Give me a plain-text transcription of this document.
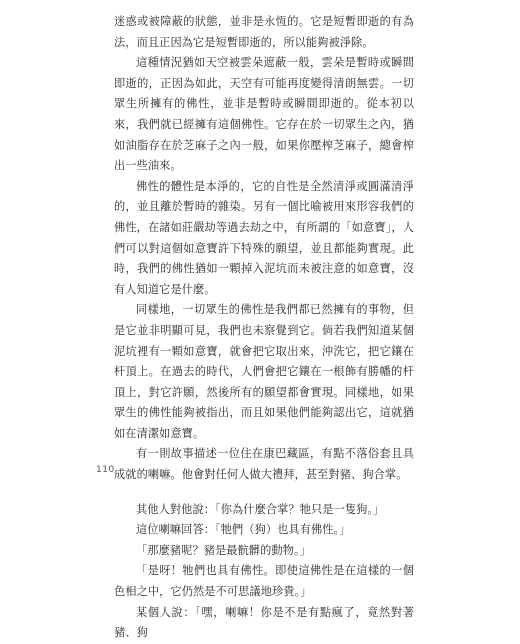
迷惑或被障蔽的狀態，並非是永恆的。它是短暫即逝的有為法，而且正因為它是短暫即逝的，所以能夠被淨除。

這種情況猶如天空被雲朵遮蔽一般，雲朵是暫時或瞬間即逝的，正因為如此，天空有可能再度變得清朗無雲。一切眾生所擁有的佛性，並非是暫時或瞬間即逝的。從本初以來，我們就已經擁有這個佛性。它存在於一切眾生之內，猶如油脂存在於芝麻子之內一般，如果你壓榨芝麻子，總會榨出一些油來。

佛性的體性是本淨的，它的自性是全然清淨或圓滿清淨的，並且離於暫時的雜染。另有一個比喻被用來形容我們的佛性，在諸如莊嚴劫等過去劫之中，有所謂的「如意寶」，人們可以對這個如意寶許下特殊的願望，並且都能夠實現。此時，我們的佛性猶如一顆掉入泥坑而未被注意的如意寶，沒有人知道它是什麼。

同樣地，一切眾生的佛性是我們都已然擁有的事物，但是它並非明顯可見，我們也未察覺到它。倘若我們知道某個泥坑裡有一顆如意寶，就會把它取出來，沖洗它，把它鑲在杆頂上。在過去的時代，人們會把它鑲在一根飾有勝幡的杆頂上，對它許願，然後所有的願望都會實現。同樣地，如果眾生的佛性能夠被指出，而且如果他們能夠認出它，這就猶如在清潔如意寶。

有一則故事描述一位住在康巴藏區，有點不落俗套且具成就的喇嘛。他會對任何人做大禮拜，甚至對豬、狗合掌。

其他人對他說：「你為什麼合掌？牠只是一隻狗。」

這位喇嘛回答：「牠們（狗）也具有佛性。」

「那麼豬呢？豬是最骯髒的動物。」

「是呀！牠們也具有佛性。即使這佛性是在這樣的一個色相之中，它仍然是不可思議地珍貴。」

某個人說：「嘿，喇嘛！你是不是有點瘋了，竟然對著豬、狗

110
